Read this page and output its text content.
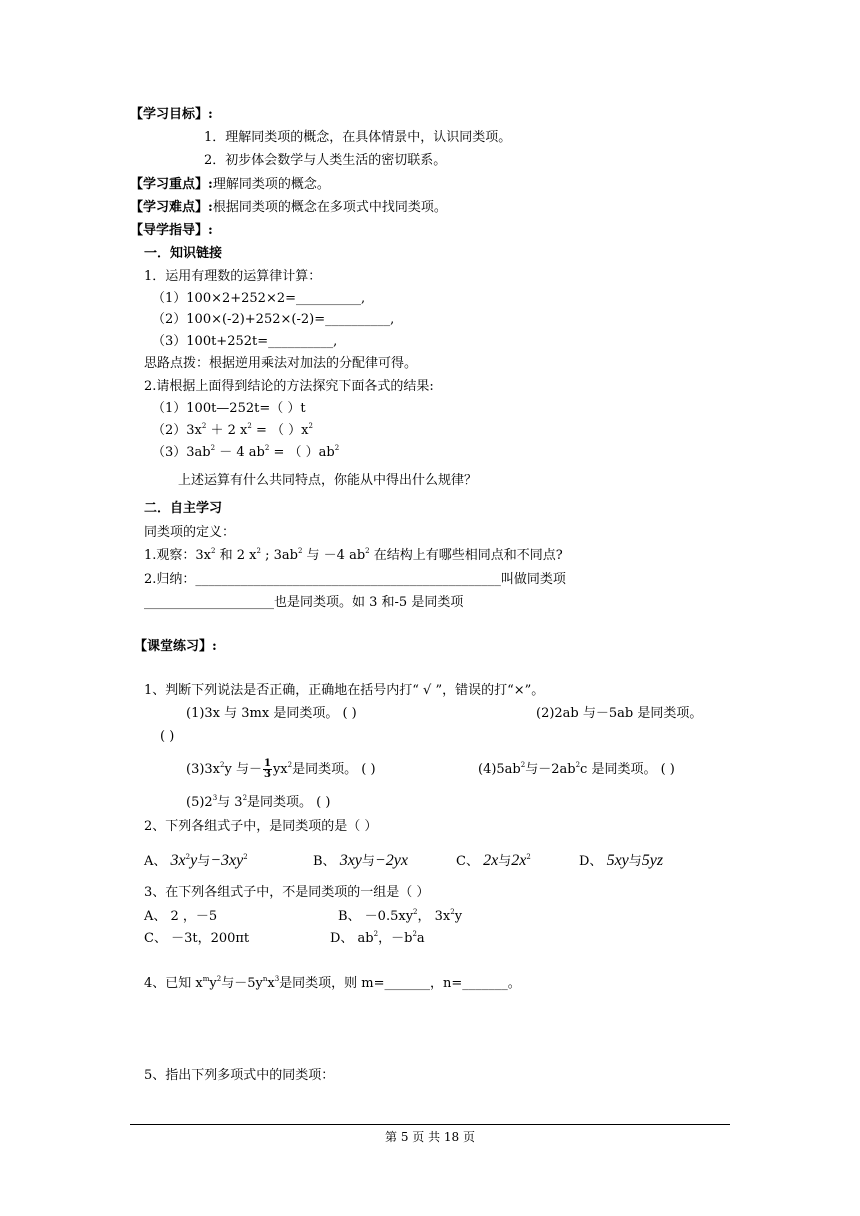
【学习目标】:
1．理解同类项的概念，在具体情景中，认识同类项。
2．初步体会数学与人类生活的密切联系。
【学习重点】:理解同类项的概念。
【学习难点】:根据同类项的概念在多项式中找同类项。
【导学指导】:
一．知识链接
1．运用有理数的运算律计算：
（1）100×2+252×2=__________,
（2）100×(-2)+252×(-2)=__________,
（3）100t+252t=__________,
思路点拨：根据逆用乘法对加法的分配律可得。
2.请根据上面得到结论的方法探究下面各式的结果:
（1）100t—252t=（ ）t
$(2)3x^2 + 2$ $x^2$ = （ ）$x^2$
$(3)3ab^2 - 4$ $ab^2$ = （ ）$ab^2$
上述运算有什么共同特点，你能从中得出什么规律？
二．自主学习
同类项的定义：
1.观察：$3x^2$ 和 2 $x^2$ ; $3ab^2$ 与 －4 $ab^2$ 在结构上有哪些相同点和不同点?
2.归纳：_______________________________________________叫做同类项
____________________也是同类项。如 3 和-5 是同类项
【课堂练习】:
1、判断下列说法是否正确，正确地在括号内打“ √ ”，错误的打“×”。
(1)3x 与 3mx 是同类项。 ( )	(2)2ab 与－5ab 是同类项。
( )
$(3)3x^2y$ 与－ $\frac{1}{3} yx^2$是同类项。 ( )	$(4)5ab^2$与$-2ab^2c$ 是同类项。 ( )
$(5)2^3$与 $3^2$是同类项。 ( )
2、下列各组式子中，是同类项的是（ ）
A、 $3x^2y$与$-3xy^2$	B、 3xy与−2yx	C、 2x与$2x^2$	D、 5xy与5yz
3、在下列各组式子中，不是同类项的一组是（ ）
A、 2 ，－5	B、 $-0.5xy^2$， $3x^2y$
C、 －3t，200πt	D、 $ab^2$，$-b^2a$
4、已知 $x^my^2$与$-5y^nx^3$是同类项，则 m=_______，n=_______。
5、指出下列多项式中的同类项：
第 5 页 共 18 页
